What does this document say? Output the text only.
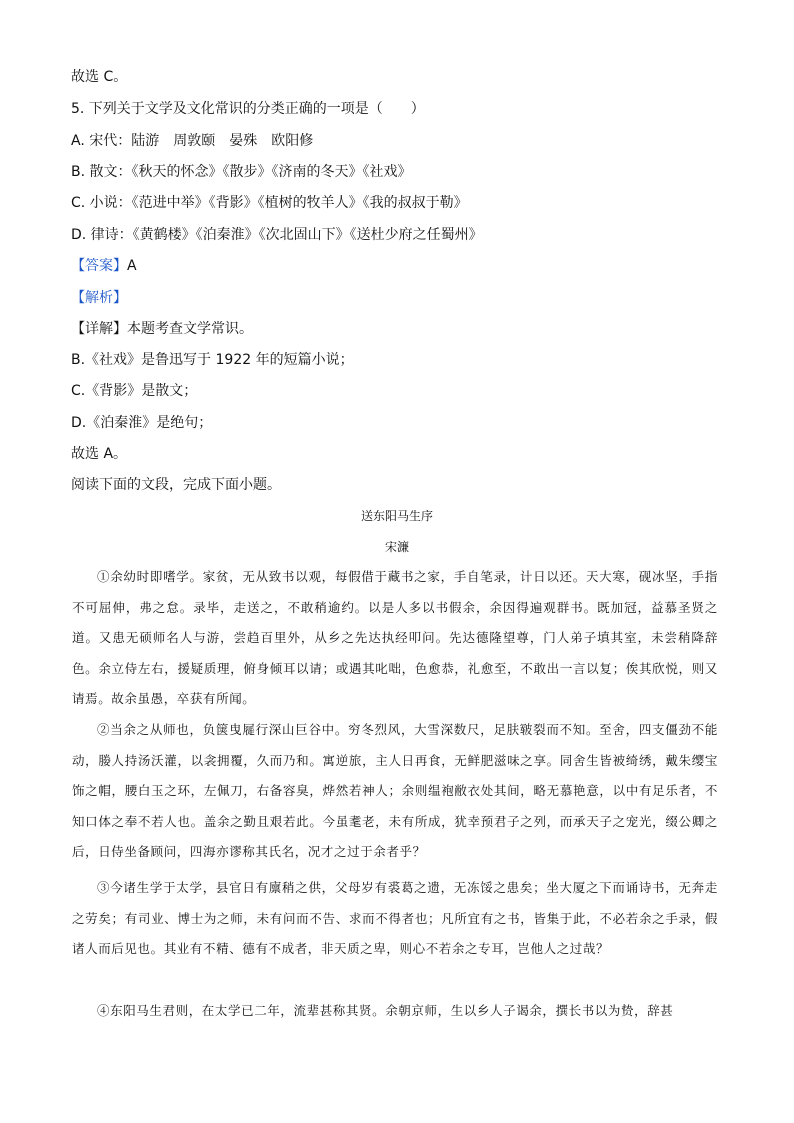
故选 C。
5. 下列关于文学及文化常识的分类正确的一项是（　　）
A. 宋代：陆游　周敦颐　晏殊　欧阳修
B. 散文：《秋天的怀念》《散步》《济南的冬天》《社戏》
C. 小说：《范进中举》《背影》《植树的牧羊人》《我的叔叔于勒》
D. 律诗：《黄鹤楼》《泊秦淮》《次北固山下》《送杜少府之任蜀州》
【答案】A
【解析】
【详解】本题考查文学常识。
B.《社戏》是鲁迅写于 1922 年的短篇小说；
C.《背影》是散文；
D.《泊秦淮》是绝句；
故选 A。
阅读下面的文段，完成下面小题。
送东阳马生序
宋濂
①余幼时即嗜学。家贫，无从致书以观，每假借于藏书之家，手自笔录，计日以还。天大寒，砚冰坚，手指不可屈伸，弗之怠。录毕，走送之，不敢稍逾约。以是人多以书假余，余因得遍观群书。既加冠，益慕圣贤之道。又患无硕师名人与游，尝趋百里外，从乡之先达执经叩问。先达德隆望尊，门人弟子填其室，未尝稍降辞色。余立侍左右，援疑质理，俯身倾耳以请；或遇其叱咄，色愈恭，礼愈至，不敢出一言以复；俟其欣悦，则又请焉。故余虽愚，卒获有所闻。
②当余之从师也，负箧曳屣行深山巨谷中。穷冬烈风，大雪深数尺，足肤皲裂而不知。至舍，四支僵劲不能动，媵人持汤沃灌，以衾拥覆，久而乃和。寓逆旅，主人日再食，无鲜肥滋味之享。同舍生皆被绮绣，戴朱缨宝饰之帽，腰白玉之环，左佩刀，右备容臭，烨然若神人；余则缊袍敝衣处其间，略无慕艳意，以中有足乐者，不知口体之奉不若人也。盖余之勤且艰若此。今虽耄老，未有所成，犹幸预君子之列，而承天子之宠光，缀公卿之后，日侍坐备顾问，四海亦谬称其氏名，况才之过于余者乎？
③今诸生学于太学，县官日有廪稍之供，父母岁有裘葛之遗，无冻馁之患矣；坐大厦之下而诵诗书，无奔走之劳矣；有司业、博士为之师，未有问而不告、求而不得者也；凡所宜有之书，皆集于此，不必若余之手录，假诸人而后见也。其业有不精、德有不成者，非天质之卑，则心不若余之专耳，岂他人之过哉？
④东阳马生君则，在太学已二年，流辈甚称其贤。余朝京师，生以乡人子谒余，撰长书以为贽，辞甚
